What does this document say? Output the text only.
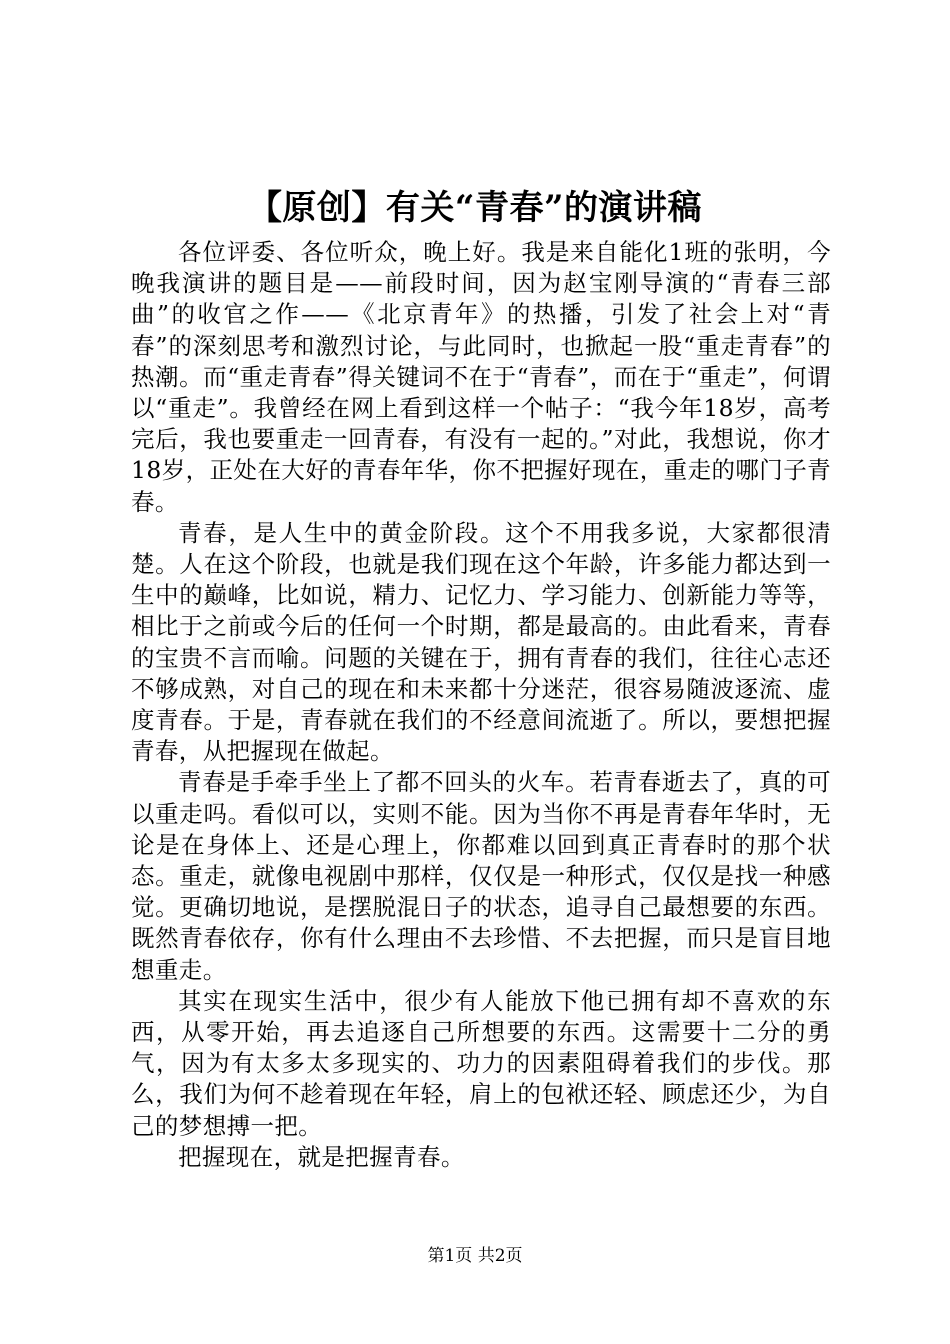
【原创】有关“青春”的演讲稿

各位评委、各位听众，晚上好。我是来自能化1班的张明，今晚我演讲的题目是——前段时间，因为赵宝刚导演的“青春三部曲”的收官之作——《北京青年》的热播，引发了社会上对“青春”的深刻思考和激烈讨论，与此同时，也掀起一股“重走青春”的热潮。而“重走青春”得关键词不在于“青春”，而在于“重走”，何谓以“重走”。我曾经在网上看到这样一个帖子：“我今年18岁，高考完后，我也要重走一回青春，有没有一起的。”对此，我想说，你才18岁，正处在大好的青春年华，你不把握好现在，重走的哪门子青春。

青春，是人生中的黄金阶段。这个不用我多说，大家都很清楚。人在这个阶段，也就是我们现在这个年龄，许多能力都达到一生中的巅峰，比如说，精力、记忆力、学习能力、创新能力等等，相比于之前或今后的任何一个时期，都是最高的。由此看来，青春的宝贵不言而喻。问题的关键在于，拥有青春的我们，往往心志还不够成熟，对自己的现在和未来都十分迷茫，很容易随波逐流、虚度青春。于是，青春就在我们的不经意间流逝了。所以，要想把握青春，从把握现在做起。

青春是手牵手坐上了都不回头的火车。若青春逝去了，真的可以重走吗。看似可以，实则不能。因为当你不再是青春年华时，无论是在身体上、还是心理上，你都难以回到真正青春时的那个状态。重走，就像电视剧中那样，仅仅是一种形式，仅仅是找一种感觉。更确切地说，是摆脱混日子的状态，追寻自己最想要的东西。既然青春依存，你有什么理由不去珍惜、不去把握，而只是盲目地想重走。

其实在现实生活中，很少有人能放下他已拥有却不喜欢的东西，从零开始，再去追逐自己所想要的东西。这需要十二分的勇气，因为有太多太多现实的、功力的因素阻碍着我们的步伐。那么，我们为何不趁着现在年轻，肩上的包袱还轻、顾虑还少，为自己的梦想搏一把。

把握现在，就是把握青春。

第1页 共2页
